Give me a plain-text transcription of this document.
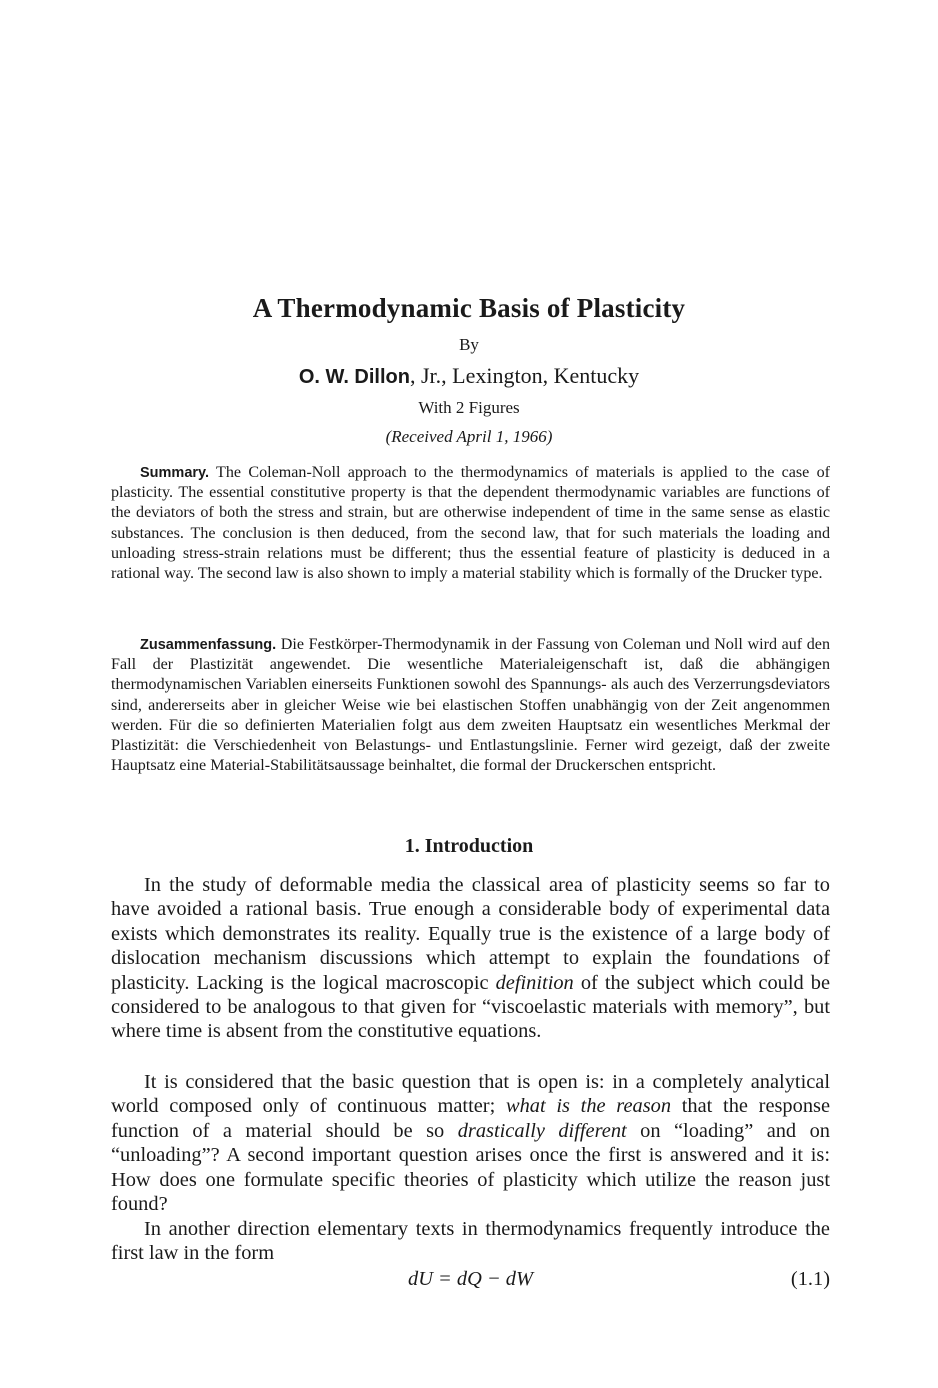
A Thermodynamic Basis of Plasticity
By
O. W. Dillon, Jr., Lexington, Kentucky
With 2 Figures
(Received April 1, 1966)

Summary. The Coleman-Noll approach to the thermodynamics of materials is applied to the case of plasticity. The essential constitutive property is that the dependent thermodynamic variables are functions of the deviators of both the stress and strain, but are otherwise independent of time in the same sense as elastic substances. The conclusion is then deduced, from the second law, that for such materials the loading and unloading stress-strain relations must be different; thus the essential feature of plasticity is deduced in a rational way. The second law is also shown to imply a material stability which is formally of the Drucker type.

Zusammenfassung. Die Festkörper-Thermodynamik in der Fassung von Coleman und Noll wird auf den Fall der Plastizität angewendet. Die wesentliche Materialeigenschaft ist, daß die abhängigen thermodynamischen Variablen einerseits Funktionen sowohl des Spannungs- als auch des Verzerrungsdeviators sind, andererseits aber in gleicher Weise wie bei elastischen Stoffen unabhängig von der Zeit angenommen werden. Für die so definierten Materialien folgt aus dem zweiten Hauptsatz ein wesentliches Merkmal der Plastizität: die Verschiedenheit von Belastungs- und Entlastungslinie. Ferner wird gezeigt, daß der zweite Hauptsatz eine Material-Stabilitätsaussage beinhaltet, die formal der Druckerschen entspricht.

1. Introduction

In the study of deformable media the classical area of plasticity seems so far to have avoided a rational basis. True enough a considerable body of experimental data exists which demonstrates its reality. Equally true is the existence of a large body of dislocation mechanism discussions which attempt to explain the foundations of plasticity. Lacking is the logical macroscopic definition of the subject which could be considered to be analogous to that given for “viscoelastic materials with memory”, but where time is absent from the constitutive equations.

It is considered that the basic question that is open is: in a completely analytical world composed only of continuous matter; what is the reason that the response function of a material should be so drastically different on “loading” and on “unloading”? A second important question arises once the first is answered and it is: How does one formulate specific theories of plasticity which utilize the reason just found?

In another direction elementary texts in thermodynamics frequently introduce the first law in the form

dU = dQ − dW	(1.1)
